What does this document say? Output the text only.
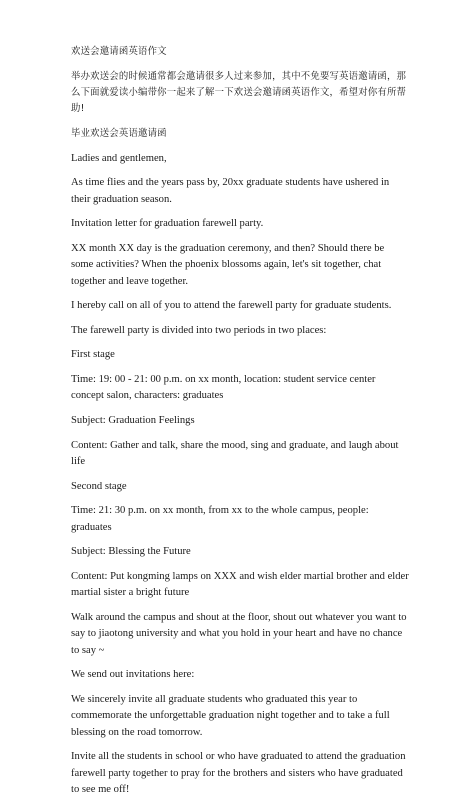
欢送会邀请函英语作文

举办欢送会的时候通常都会邀请很多人过来参加，其中不免要写英语邀请函，那么下面就爱读小编带你一起来了解一下欢送会邀请函英语作文，希望对你有所帮助!

毕业欢送会英语邀请函

Ladies and gentlemen,

As time flies and the years pass by, 20xx graduate students have ushered in their graduation season.

Invitation letter for graduation farewell party.

XX month XX day is the graduation ceremony, and then? Should there be some activities? When the phoenix blossoms again, let's sit together, chat together and leave together.

I hereby call on all of you to attend the farewell party for graduate students.

The farewell party is divided into two periods in two places:

First stage

Time: 19: 00 - 21: 00 p.m. on xx month, location: student service center concept salon, characters: graduates

Subject: Graduation Feelings

Content: Gather and talk, share the mood, sing and graduate, and laugh about life

Second stage

Time: 21: 30 p.m. on xx month, from xx to the whole campus, people: graduates

Subject: Blessing the Future

Content: Put kongming lamps on XXX and wish elder martial brother and elder martial sister a bright future

Walk around the campus and shout at the floor, shout out whatever you want to say to jiaotong university and what you hold in your heart and have no chance to say ~

We send out invitations here:

We sincerely invite all graduate students who graduated this year to commemorate the unforgettable graduation night together and to take a full blessing on the road tomorrow.

Invite all the students in school or who have graduated to attend the graduation farewell party together to pray for the brothers and sisters who have graduated to see me off!
